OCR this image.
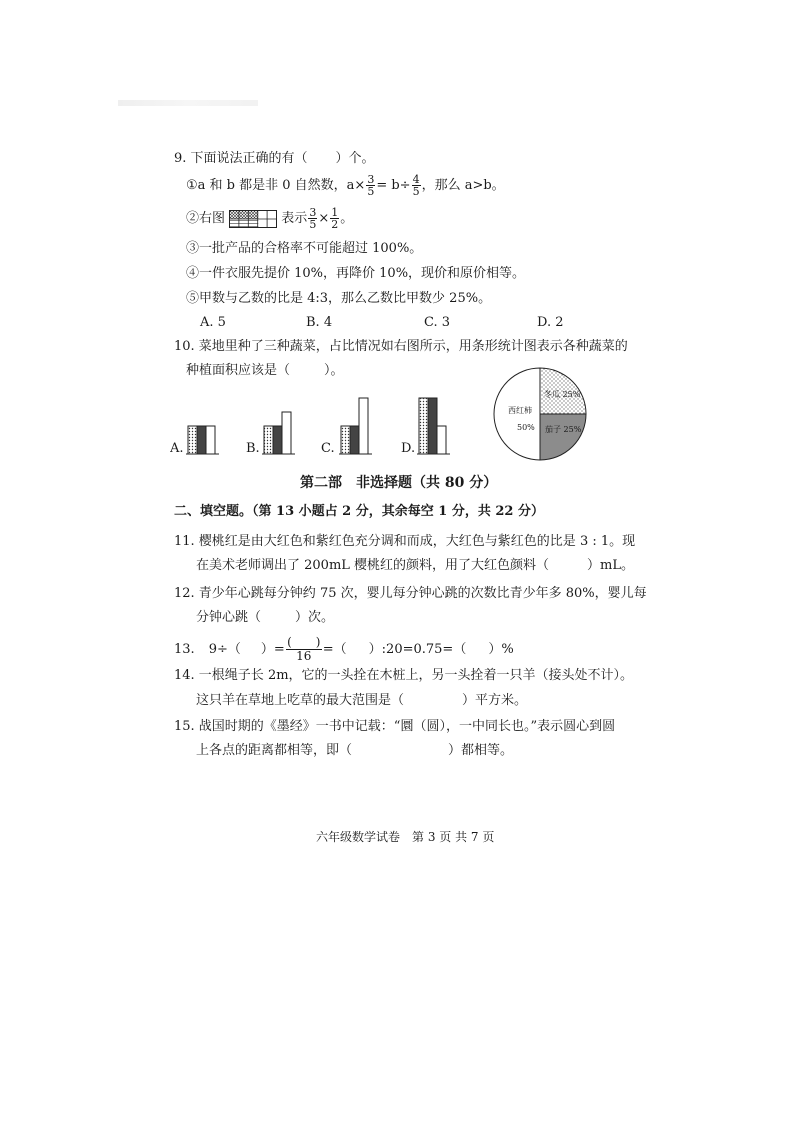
9. 下面说法正确的有（ ）个。
①a 和 b 都是非 0 自然数，$a\times \frac{3}{5} = b\div \frac{4}{5}$ ，那么 a>b。
②右图	表示 $\frac{3}{5} \times \frac{1}{2}$ 。
③一批产品的合格率不可能超过 100%。
④一件衣服先提价 10%，再降价 10%，现价和原价相等。
⑤甲数与乙数的比是 4:3，那么乙数比甲数少 25%。
A. 5	B. 4	C. 3	D. 2
10. 菜地里种了三种蔬菜，占比情况如右图所示，用条形统计图表示各种蔬菜的
种植面积应该是（	）。
A.	B.	C.	D.
西红柿
50%
冬瓜 25%
茄子 25%
第二部　非选择题（共 80 分）
二、填空题。（第 13 小题占 2 分，其余每空 1 分，共 22 分）
11. 樱桃红是由大红色和紫红色充分调和而成，大红色与紫红色的比是 3 : 1。现
在美术老师调出了 200mL 樱桃红的颜料，用了大红色颜料（	）mL。
12. 青少年心跳每分钟约 75 次，婴儿每分钟心跳的次数比青少年多 80%，婴儿每
分钟心跳（	）次。
13. 9÷（ ）= $\frac{( )}{16}$ =（ ）:20=0.75=（ ）%
14. 一根绳子长 2m，它的一头拴在木桩上，另一头拴着一只羊（接头处不计）。
这只羊在草地上吃草的最大范围是（	）平方米。
15. 战国时期的《墨经》一书中记载：“圜（圆），一中同长也。”表示圆心到圆
上各点的距离都相等，即（	）都相等。
六年级数学试卷　第 3 页 共 7 页
